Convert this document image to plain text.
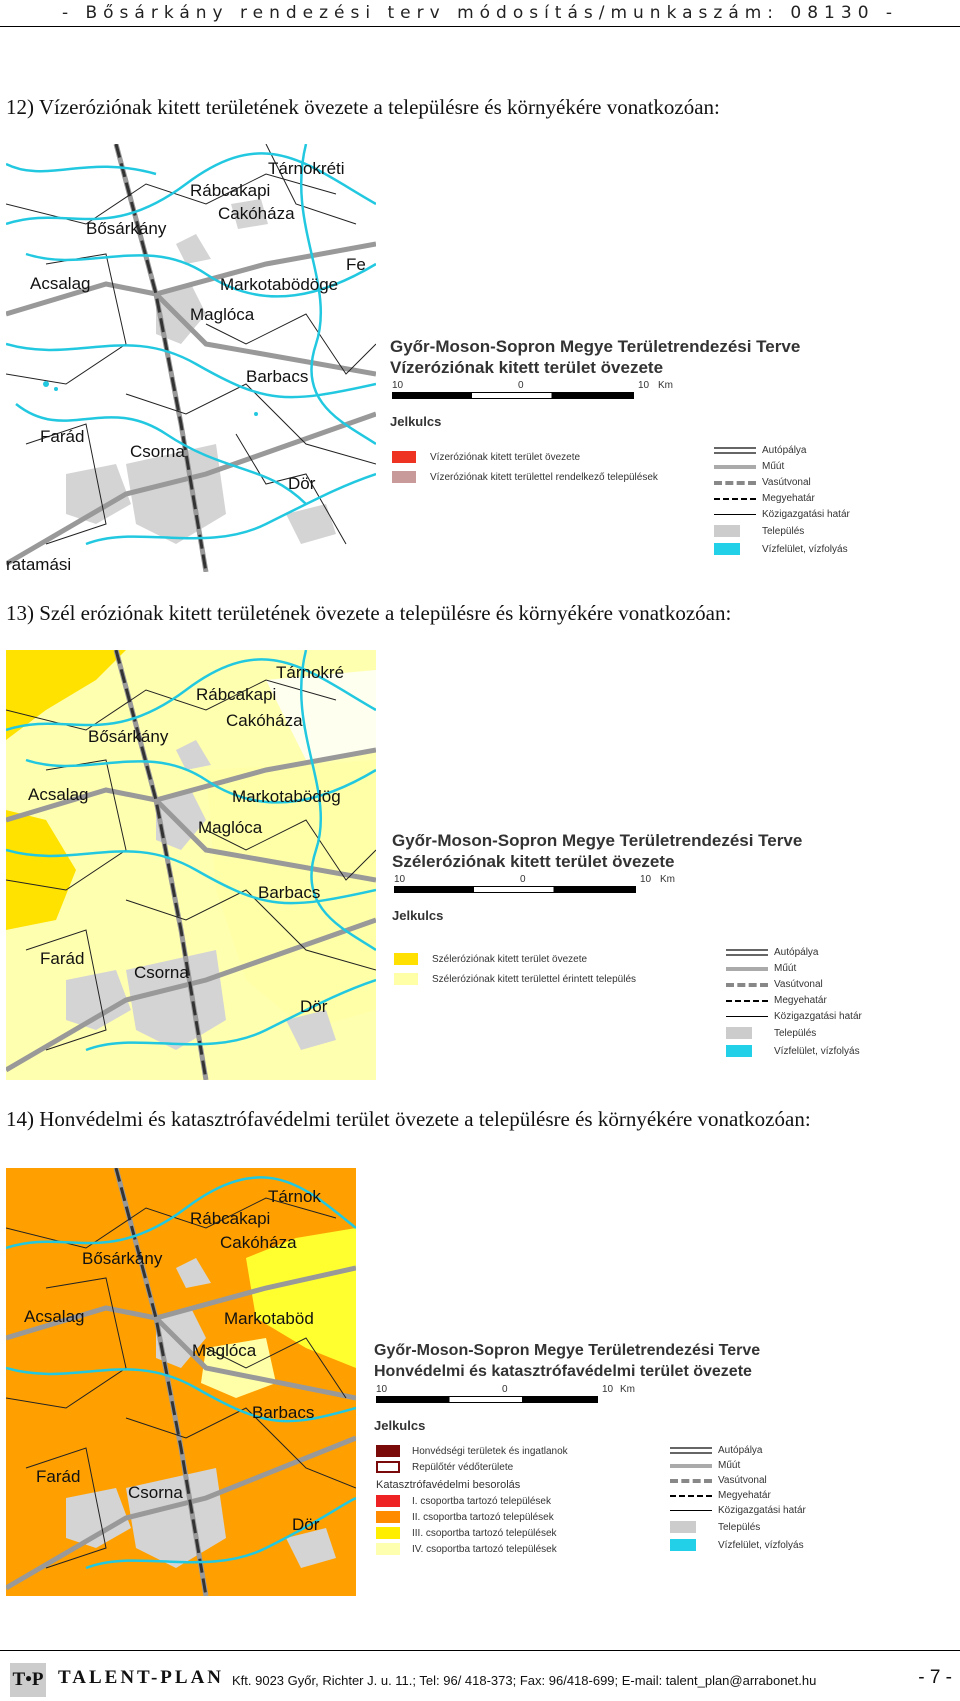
- Bősárkány rendezési terv módosítás/munkaszám: 08130 -
12) Vízeróziónak kitett területének övezete a településre és környékére vonatkozóan:
Tárnokréti
Rábcakapi
Cakóháza
Bősárkány
Acsalag	Markotabödöge
Fe
Maglóca
Barbacs
Farád
Csorna
Dör
ratamási
Győr-Moson-Sopron Megye Területrendezési Terve
Vízeróziónak kitett terület övezete
10	0	10 Km
Jelkulcs
Vízeróziónak kitett terület övezete
Vízeróziónak kitett területtel rendelkező települések
Autópálya
Műút
Vasútvonal
Megyehatár
Közigazgatási határ
Település
Vízfelület, vízfolyás
13) Szél eróziónak kitett területének övezete a településre és környékére vonatkozóan:
Tárnokré
Rábcakapi
Cakóháza
Bősárkány
Acsalag	Markotabödög
Maglóca
Barbacs
Farád
Csorna
Dör
Győr-Moson-Sopron Megye Területrendezési Terve
Széleróziónak kitett terület övezete
10	0	10 Km
Jelkulcs
Széleróziónak kitett terület övezete
Széleróziónak kitett területtel érintett település
Autópálya
Műút
Vasútvonal
Megyehatár
Közigazgatási határ
Település
Vízfelület, vízfolyás
14) Honvédelmi és katasztrófavédelmi terület övezete a településre és környékére vonatkozóan:
Tárnok
Rábcakapi
Cakóháza
Bősárkány
Acsalag	Markotaböd
Maglóca
Barbacs
Farád
Csorna
Dör
Győr-Moson-Sopron Megye Területrendezési Terve
Honvédelmi és katasztrófavédelmi terület övezete
10	0	10 Km
Jelkulcs
Honvédségi területek és ingatlanok
Repülőtér védőterülete
Katasztrófavédelmi besorolás
I. csoportba tartozó települések
II. csoportba tartozó települések
III. csoportba tartozó települések
IV. csoportba tartozó települések
Autópálya
Műút
Vasútvonal
Megyehatár
Közigazgatási határ
Település
Vízfelület, vízfolyás
T•P TALENT-PLAN Kft. 9023 Győr, Richter J. u. 11.; Tel: 96/ 418-373; Fax: 96/418-699; E-mail: talent_plan@arrabonet.hu	- 7 -
